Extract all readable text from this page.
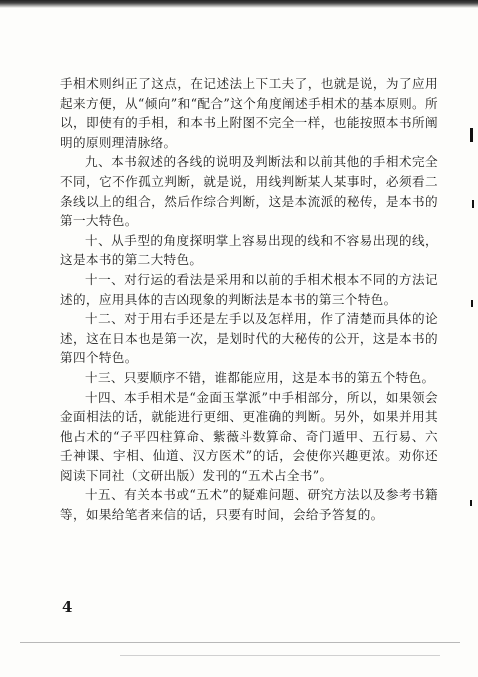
手相术则纠正了这点，在记述法上下工夫了，也就是说，为了应用起来方便，从“倾向”和“配合”这个角度阐述手相术的基本原则。所以，即使有的手相，和本书上附图不完全一样，也能按照本书所阐明的原则理清脉络。

九、本书叙述的各线的说明及判断法和以前其他的手相术完全不同，它不作孤立判断，就是说，用线判断某人某事时，必须看二条线以上的组合，然后作综合判断，这是本流派的秘传，是本书的第一大特色。

十、从手型的角度探明掌上容易出现的线和不容易出现的线，这是本书的第二大特色。

十一、对行运的看法是采用和以前的手相术根本不同的方法记述的，应用具体的吉凶现象的判断法是本书的第三个特色。

十二、对于用右手还是左手以及怎样用，作了清楚而具体的论述，这在日本也是第一次，是划时代的大秘传的公开，这是本书的第四个特色。

十三、只要顺序不错，谁都能应用，这是本书的第五个特色。

十四、本手相术是“金面玉掌派”中手相部分，所以，如果领会金面相法的话，就能进行更细、更准确的判断。另外，如果并用其他占术的“子平四柱算命、紫薇斗数算命、奇门遁甲、五行易、六壬神课、宇相、仙道、汉方医术”的话，会使你兴趣更浓。劝你还阅读下同社（文研出版）发刊的“五术占全书”。

十五、有关本书或“五术”的疑难问题、研究方法以及参考书籍等，如果给笔者来信的话，只要有时间，会给予答复的。

4
